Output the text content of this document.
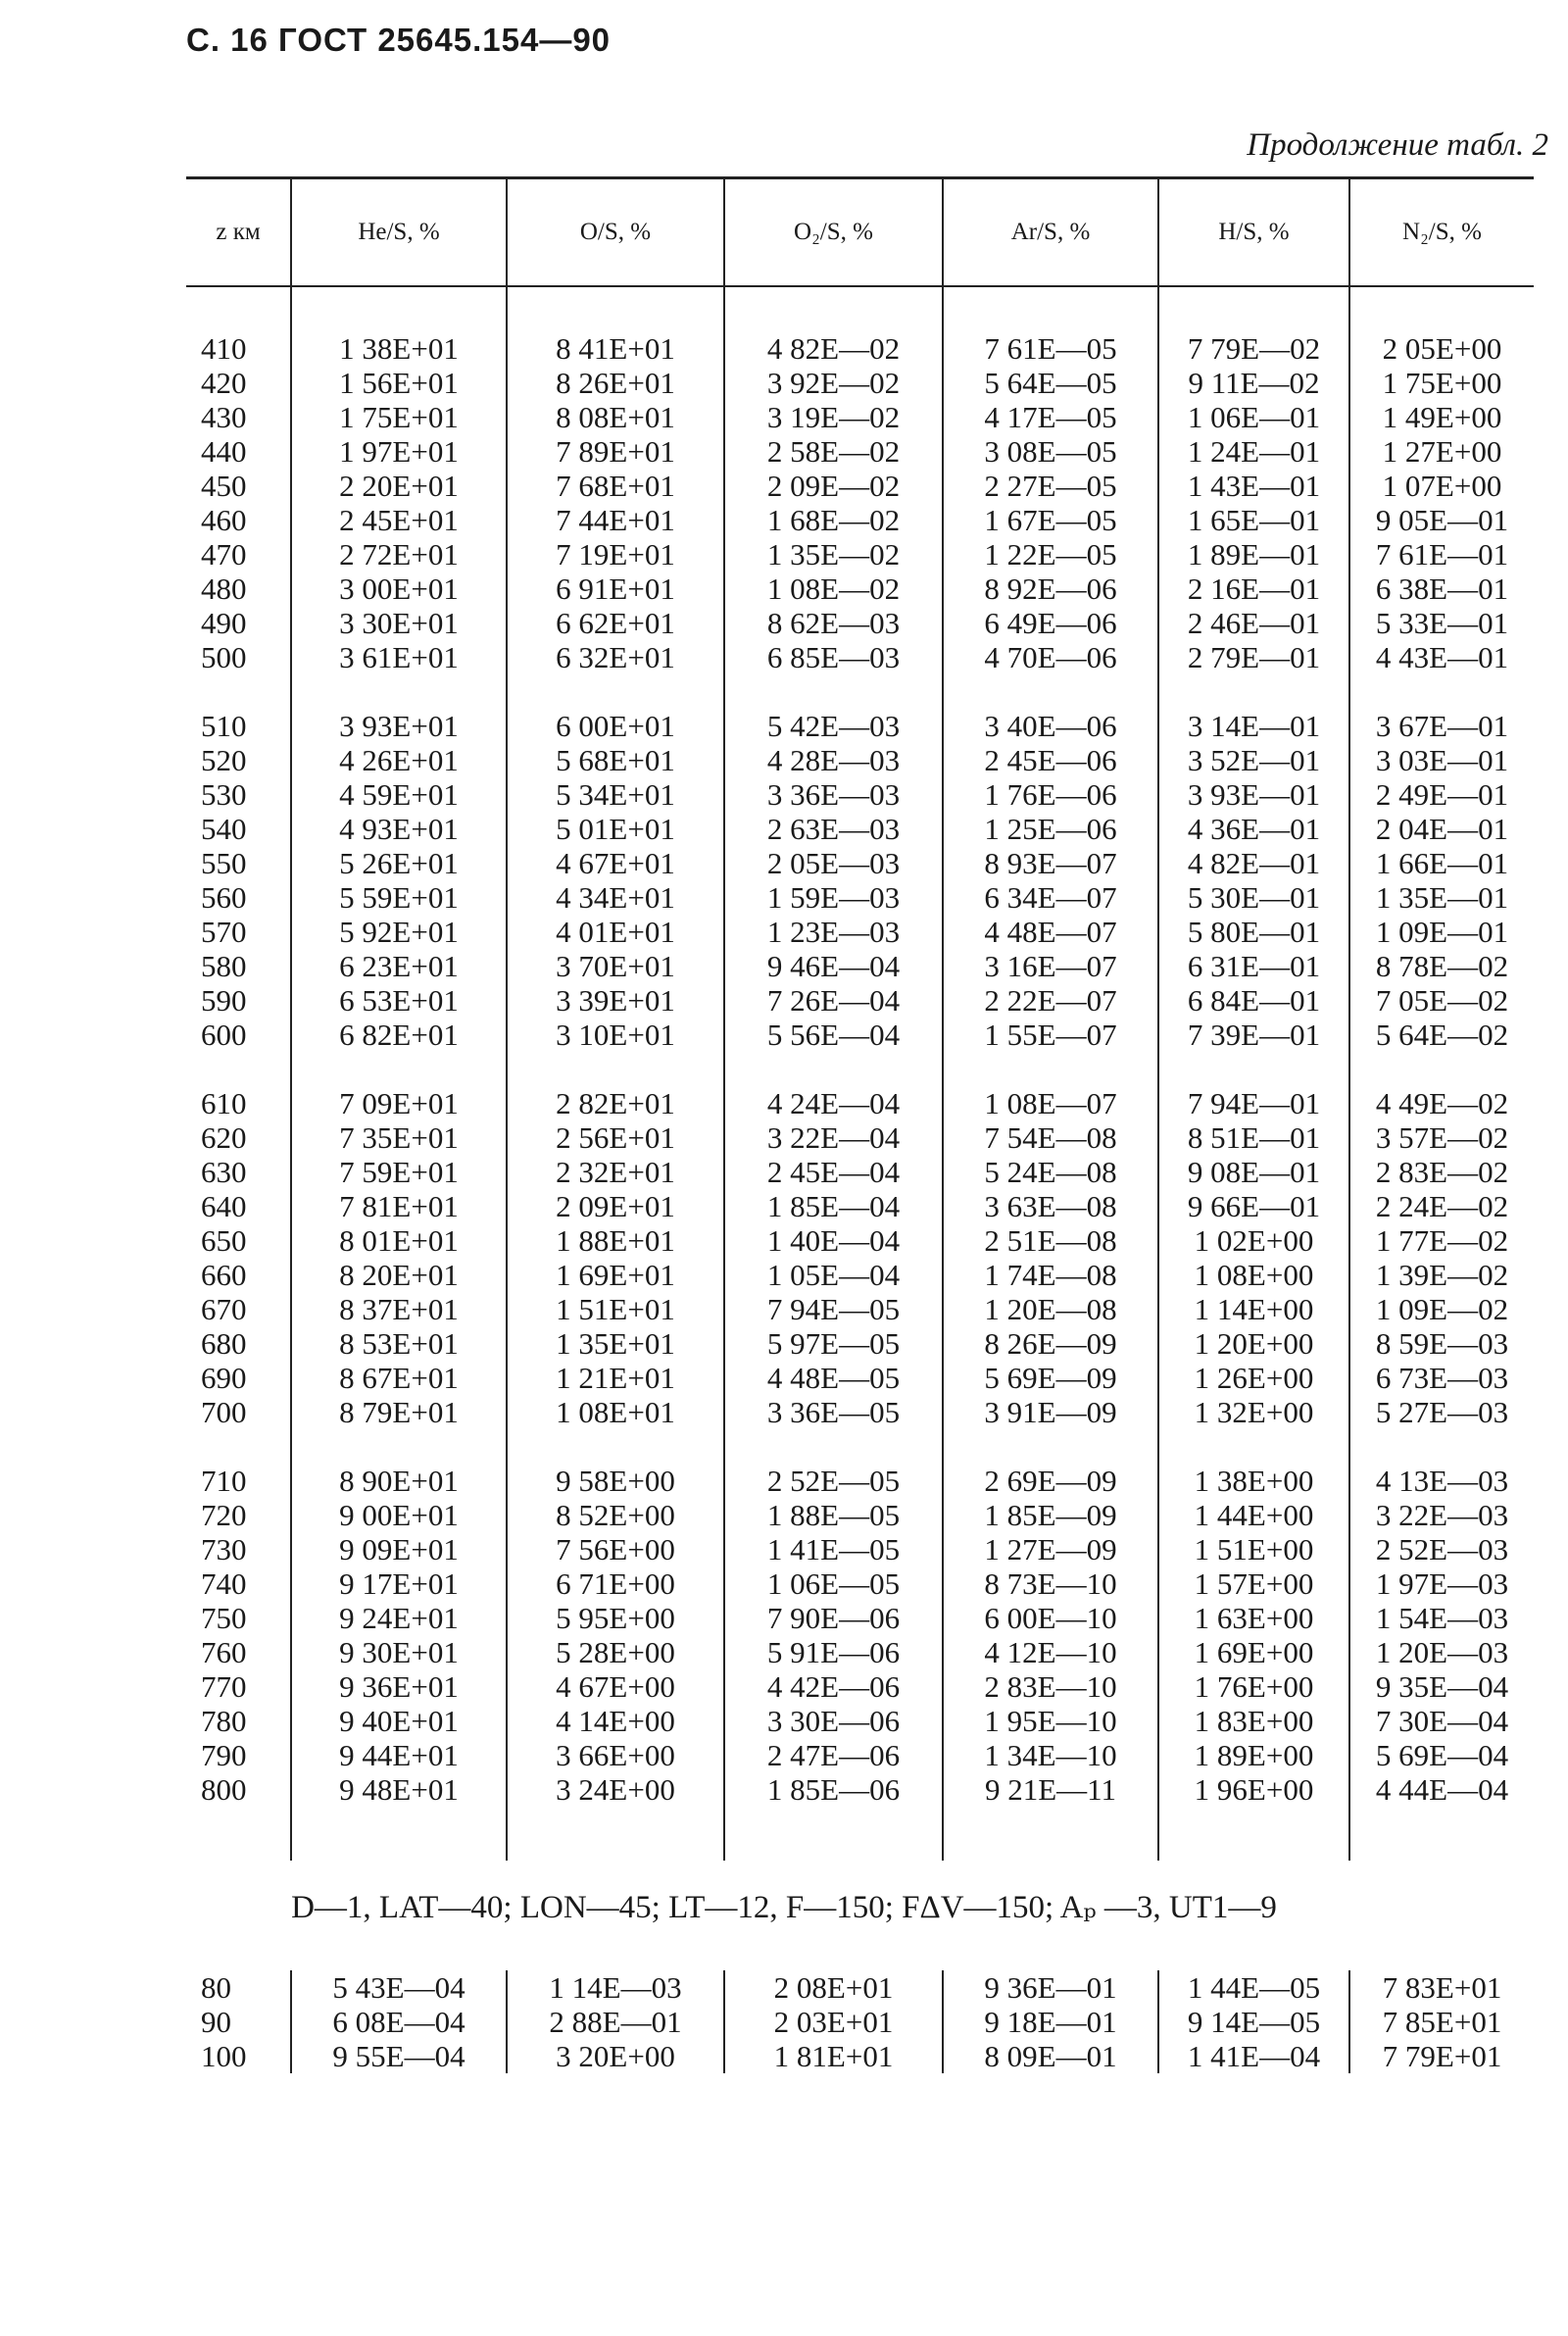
С. 16 ГОСТ 25645.154—90
Продолжение табл. 2
z км	He/S, %	O/S, %	O₂/S, %	Ar/S, %	H/S, %	N₂/S, %

410	1 38E+01	8 41E+01	4 82E—02	7 61E—05	7 79E—02	2 05E+00
420	1 56E+01	8 26E+01	3 92E—02	5 64E—05	9 11E—02	1 75E+00
430	1 75E+01	8 08E+01	3 19E—02	4 17E—05	1 06E—01	1 49E+00
440	1 97E+01	7 89E+01	2 58E—02	3 08E—05	1 24E—01	1 27E+00
450	2 20E+01	7 68E+01	2 09E—02	2 27E—05	1 43E—01	1 07E+00
460	2 45E+01	7 44E+01	1 68E—02	1 67E—05	1 65E—01	9 05E—01
470	2 72E+01	7 19E+01	1 35E—02	1 22E—05	1 89E—01	7 61E—01
480	3 00E+01	6 91E+01	1 08E—02	8 92E—06	2 16E—01	6 38E—01
490	3 30E+01	6 62E+01	8 62E—03	6 49E—06	2 46E—01	5 33E—01
500	3 61E+01	6 32E+01	6 85E—03	4 70E—06	2 79E—01	4 43E—01

510	3 93E+01	6 00E+01	5 42E—03	3 40E—06	3 14E—01	3 67E—01
520	4 26E+01	5 68E+01	4 28E—03	2 45E—06	3 52E—01	3 03E—01
530	4 59E+01	5 34E+01	3 36E—03	1 76E—06	3 93E—01	2 49E—01
540	4 93E+01	5 01E+01	2 63E—03	1 25E—06	4 36E—01	2 04E—01
550	5 26E+01	4 67E+01	2 05E—03	8 93E—07	4 82E—01	1 66E—01
560	5 59E+01	4 34E+01	1 59E—03	6 34E—07	5 30E—01	1 35E—01
570	5 92E+01	4 01E+01	1 23E—03	4 48E—07	5 80E—01	1 09E—01
580	6 23E+01	3 70E+01	9 46E—04	3 16E—07	6 31E—01	8 78E—02
590	6 53E+01	3 39E+01	7 26E—04	2 22E—07	6 84E—01	7 05E—02
600	6 82E+01	3 10E+01	5 56E—04	1 55E—07	7 39E—01	5 64E—02

610	7 09E+01	2 82E+01	4 24E—04	1 08E—07	7 94E—01	4 49E—02
620	7 35E+01	2 56E+01	3 22E—04	7 54E—08	8 51E—01	3 57E—02
630	7 59E+01	2 32E+01	2 45E—04	5 24E—08	9 08E—01	2 83E—02
640	7 81E+01	2 09E+01	1 85E—04	3 63E—08	9 66E—01	2 24E—02
650	8 01E+01	1 88E+01	1 40E—04	2 51E—08	1 02E+00	1 77E—02
660	8 20E+01	1 69E+01	1 05E—04	1 74E—08	1 08E+00	1 39E—02
670	8 37E+01	1 51E+01	7 94E—05	1 20E—08	1 14E+00	1 09E—02
680	8 53E+01	1 35E+01	5 97E—05	8 26E—09	1 20E+00	8 59E—03
690	8 67E+01	1 21E+01	4 48E—05	5 69E—09	1 26E+00	6 73E—03
700	8 79E+01	1 08E+01	3 36E—05	3 91E—09	1 32E+00	5 27E—03

710	8 90E+01	9 58E+00	2 52E—05	2 69E—09	1 38E+00	4 13E—03
720	9 00E+01	8 52E+00	1 88E—05	1 85E—09	1 44E+00	3 22E—03
730	9 09E+01	7 56E+00	1 41E—05	1 27E—09	1 51E+00	2 52E—03
740	9 17E+01	6 71E+00	1 06E—05	8 73E—10	1 57E+00	1 97E—03
750	9 24E+01	5 95E+00	7 90E—06	6 00E—10	1 63E+00	1 54E—03
760	9 30E+01	5 28E+00	5 91E—06	4 12E—10	1 69E+00	1 20E—03
770	9 36E+01	4 67E+00	4 42E—06	2 83E—10	1 76E+00	9 35E—04
780	9 40E+01	4 14E+00	3 30E—06	1 95E—10	1 83E+00	7 30E—04
790	9 44E+01	3 66E+00	2 47E—06	1 34E—10	1 89E+00	5 69E—04
800	9 48E+01	3 24E+00	1 85E—06	9 21E—11	1 96E+00	4 44E—04

D—1, LAT—40; LON—45; LT—12, F—150; FΔV—150; Aₚ —3, UT1—9
80	5 43E—04	1 14E—03	2 08E+01	9 36E—01	1 44E—05	7 83E+01
90	6 08E—04	2 88E—01	2 03E+01	9 18E—01	9 14E—05	7 85E+01
100	9 55E—04	3 20E+00	1 81E+01	8 09E—01	1 41E—04	7 79E+01
